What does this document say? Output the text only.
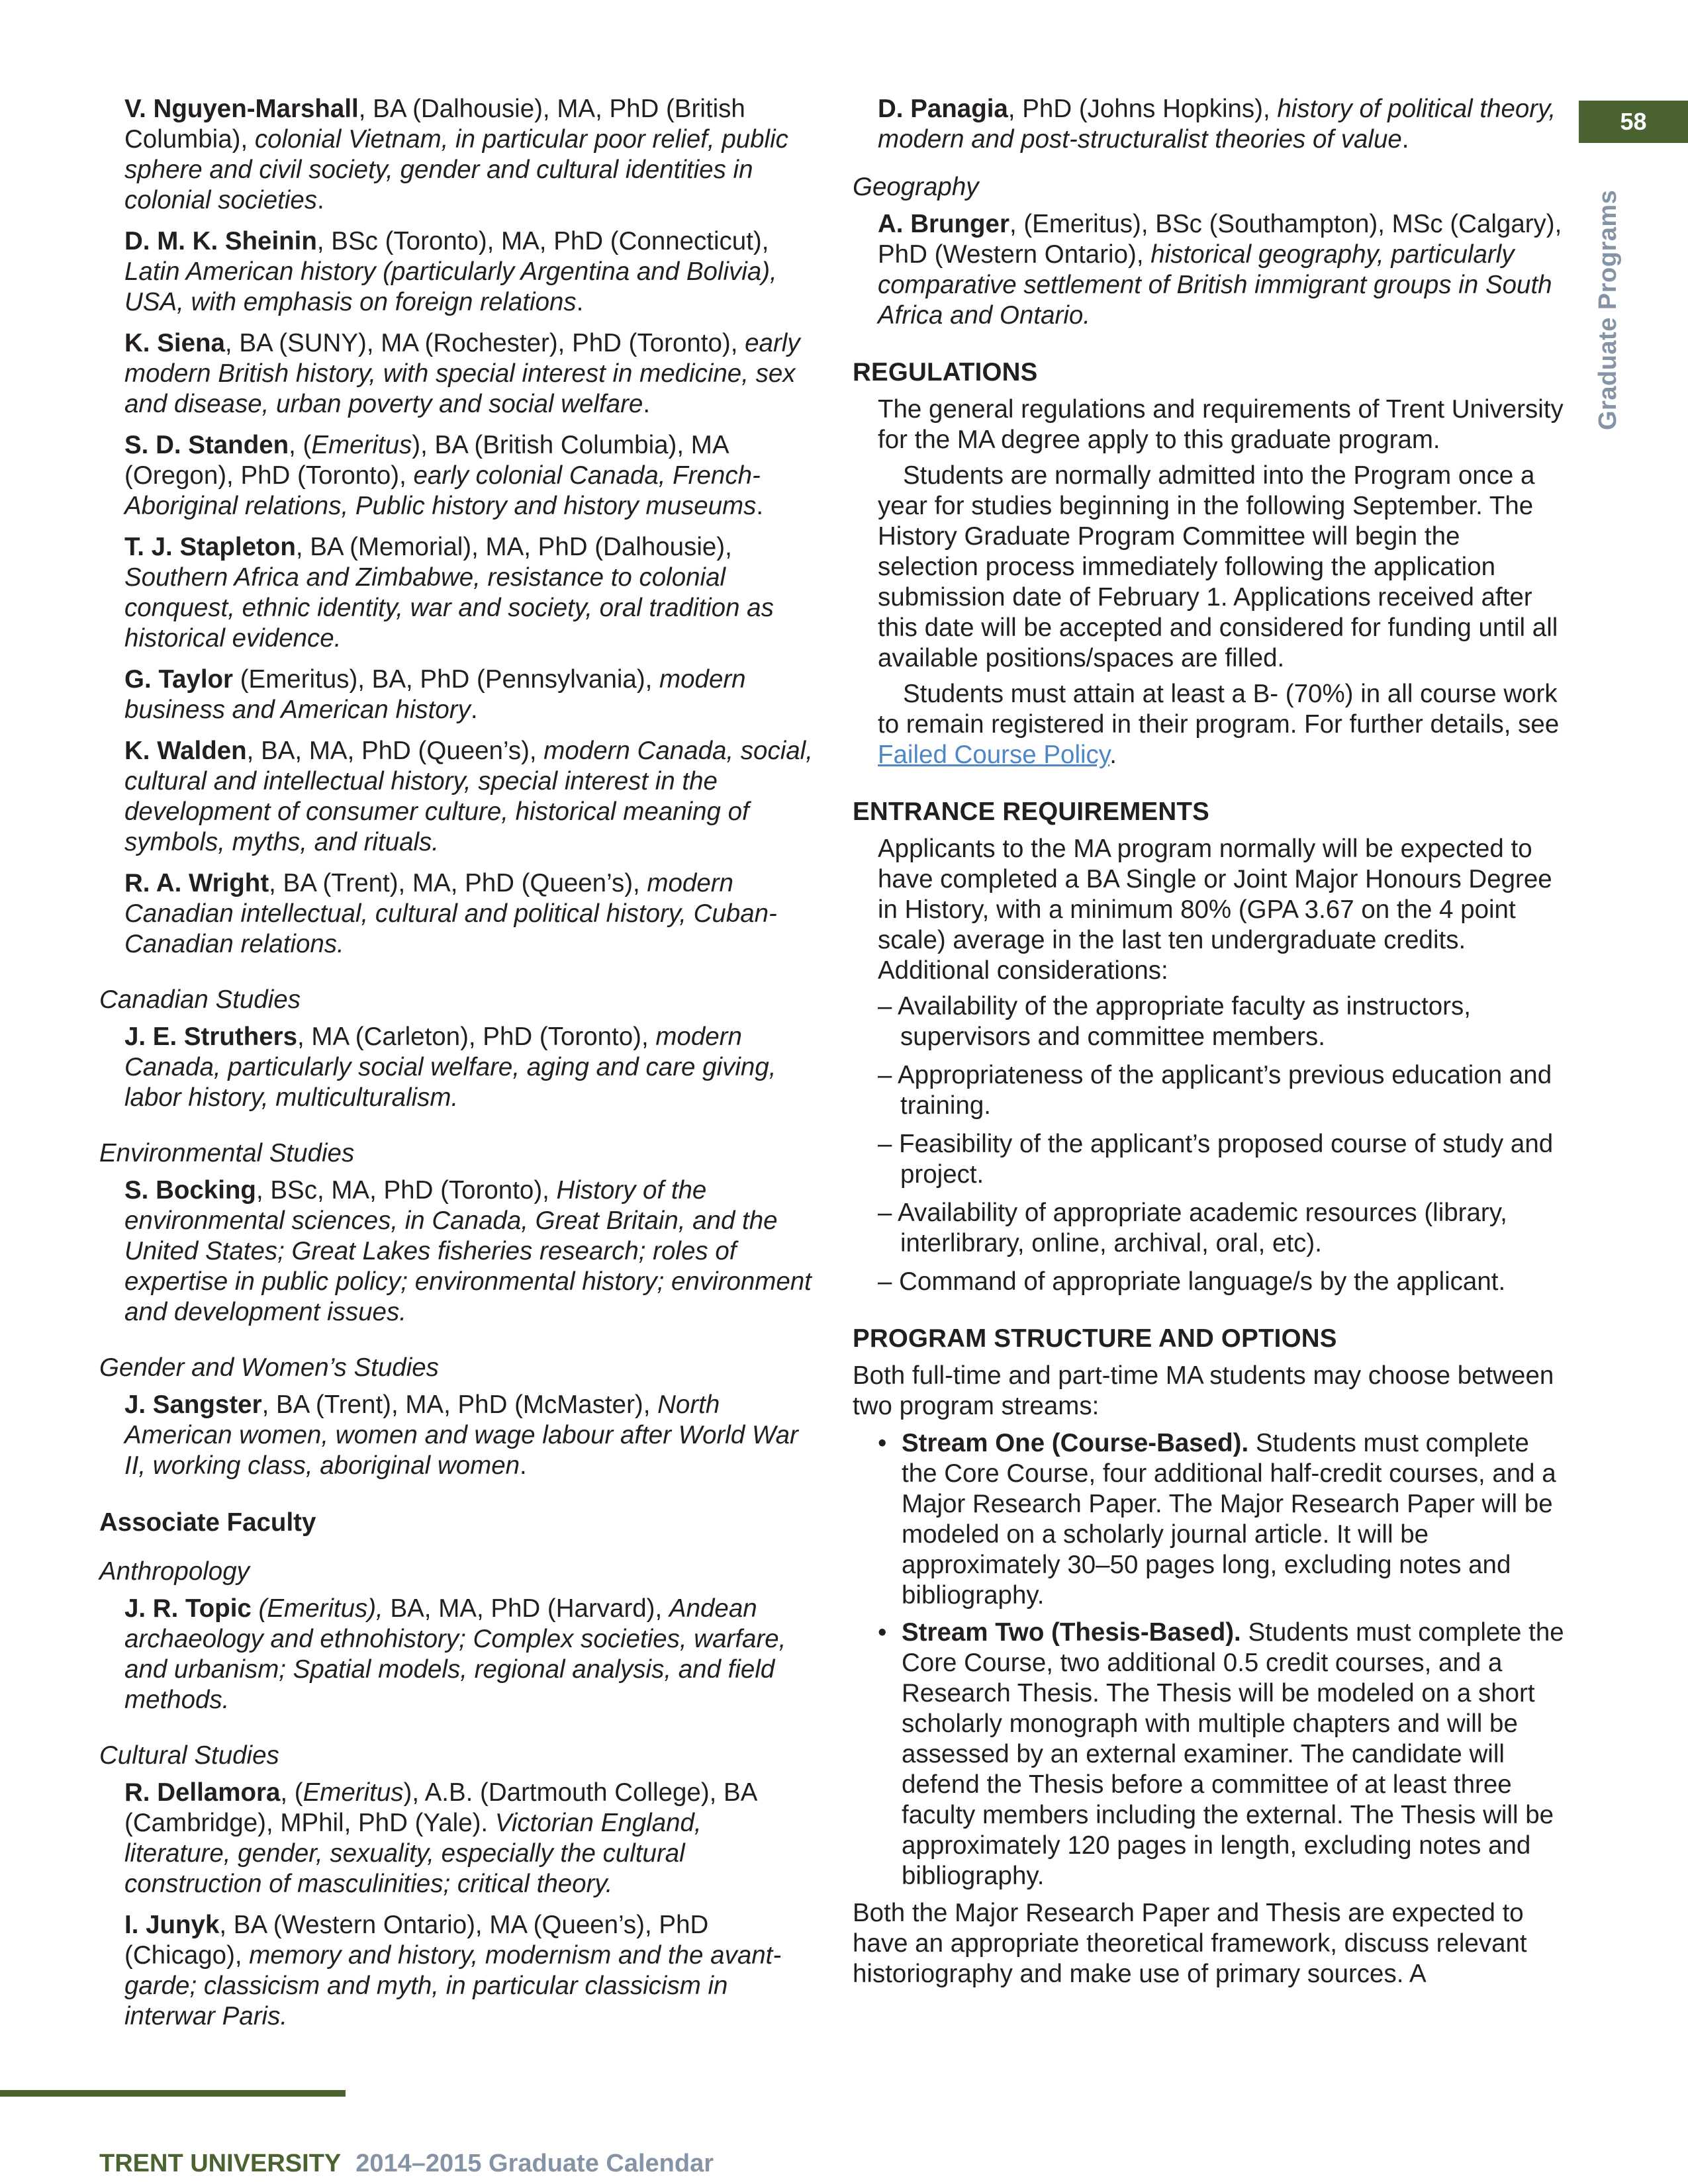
V. Nguyen-Marshall, BA (Dalhousie), MA, PhD (British Columbia), colonial Vietnam, in particular poor relief, public sphere and civil society, gender and cultural identities in colonial societies.
D. M. K. Sheinin, BSc (Toronto), MA, PhD (Connecticut), Latin American history (particularly Argentina and Bolivia), USA, with emphasis on foreign relations.
K. Siena, BA (SUNY), MA (Rochester), PhD (Toronto), early modern British history, with special interest in medicine, sex and disease, urban poverty and social welfare.
S. D. Standen, (Emeritus), BA (British Columbia), MA (Oregon), PhD (Toronto), early colonial Canada, French-Aboriginal relations, Public history and history museums.
T. J. Stapleton, BA (Memorial), MA, PhD (Dalhousie), Southern Africa and Zimbabwe, resistance to colonial conquest, ethnic identity, war and society, oral tradition as historical evidence.
G. Taylor (Emeritus), BA, PhD (Pennsylvania), modern business and American history.
K. Walden, BA, MA, PhD (Queen’s), modern Canada, social, cultural and intellectual history, special interest in the development of consumer culture, historical meaning of symbols, myths, and rituals.
R. A. Wright, BA (Trent), MA, PhD (Queen’s), modern Canadian intellectual, cultural and political history, Cuban-Canadian relations.
Canadian Studies
J. E. Struthers, MA (Carleton), PhD (Toronto), modern Canada, particularly social welfare, aging and care giving, labor history, multiculturalism.
Environmental Studies
S. Bocking, BSc, MA, PhD (Toronto), History of the environmental sciences, in Canada, Great Britain, and the United States; Great Lakes fisheries research; roles of expertise in public policy; environmental history; environment and development issues.
Gender and Women’s Studies
J. Sangster, BA (Trent), MA, PhD (McMaster), North American women, women and wage labour after World War II, working class, aboriginal women.
Associate Faculty
Anthropology
J. R. Topic (Emeritus), BA, MA, PhD (Harvard), Andean archaeology and ethnohistory; Complex societies, warfare, and urbanism; Spatial models, regional analysis, and field methods.
Cultural Studies
R. Dellamora, (Emeritus), A.B. (Dartmouth College), BA (Cambridge), MPhil, PhD (Yale). Victorian England, literature, gender, sexuality, especially the cultural construction of masculinities; critical theory.
I. Junyk, BA (Western Ontario), MA (Queen’s), PhD (Chicago), memory and history, modernism and the avant-garde; classicism and myth, in particular classicism in interwar Paris.
D. Panagia, PhD (Johns Hopkins), history of political theory, modern and post-structuralist theories of value.
Geography
A. Brunger, (Emeritus), BSc (Southampton), MSc (Calgary), PhD (Western Ontario), historical geography, particularly comparative settlement of British immigrant groups in South Africa and Ontario.
REGULATIONS
The general regulations and requirements of Trent University for the MA degree apply to this graduate program.
Students are normally admitted into the Program once a year for studies beginning in the following September. The History Graduate Program Committee will begin the selection process immediately following the application submission date of February 1. Applications received after this date will be accepted and considered for funding until all available positions/spaces are filled.
Students must attain at least a B- (70%) in all course work to remain registered in their program. For further details, see Failed Course Policy.
ENTRANCE REQUIREMENTS
Applicants to the MA program normally will be expected to have completed a BA Single or Joint Major Honours Degree in History, with a minimum 80% (GPA 3.67 on the 4 point scale) average in the last ten undergraduate credits. Additional considerations:
– Availability of the appropriate faculty as instructors, supervisors and committee members.
– Appropriateness of the applicant’s previous education and training.
– Feasibility of the applicant’s proposed course of study and project.
– Availability of appropriate academic resources (library, interlibrary, online, archival, oral, etc).
– Command of appropriate language/s by the applicant.
PROGRAM STRUCTURE AND OPTIONS
Both full-time and part-time MA students may choose between two program streams:
• Stream One (Course-Based). Students must complete the Core Course, four additional half-credit courses, and a Major Research Paper. The Major Research Paper will be modeled on a scholarly journal article. It will be approximately 30–50 pages long, excluding notes and bibliography.
• Stream Two (Thesis-Based). Students must complete the Core Course, two additional 0.5 credit courses, and a Research Thesis. The Thesis will be modeled on a short scholarly monograph with multiple chapters and will be assessed by an external examiner. The candidate will defend the Thesis before a committee of at least three faculty members including the external. The Thesis will be approximately 120 pages in length, excluding notes and bibliography.
Both the Major Research Paper and Thesis are expected to have an appropriate theoretical framework, discuss relevant historiography and make use of primary sources. A
58
Graduate Programs
TRENT UNIVERSITY 2014–2015 Graduate Calendar
